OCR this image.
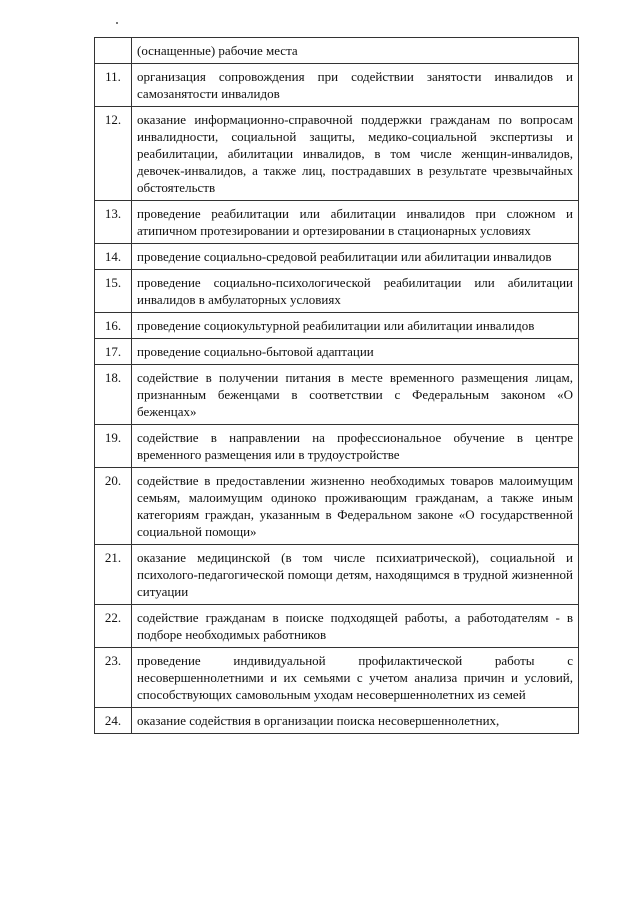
	(оснащенные) рабочие места
11.	организация сопровождения при содействии занятости инвалидов и самозанятости инвалидов
12.	оказание информационно-справочной поддержки гражданам по вопросам инвалидности, социальной защиты, медико-социальной экспертизы и реабилитации, абилитации инвалидов, в том числе женщин-инвалидов, девочек-инвалидов, а также лиц, пострадавших в результате чрезвычайных обстоятельств
13.	проведение реабилитации или абилитации инвалидов при сложном и атипичном протезировании и ортезировании в стационарных условиях
14.	проведение социально-средовой реабилитации или абилитации инвалидов
15.	проведение социально-психологической реабилитации или абилитации инвалидов в амбулаторных условиях
16.	проведение социокультурной реабилитации или абилитации инвалидов
17.	проведение социально-бытовой адаптации
18.	содействие в получении питания в месте временного размещения лицам, признанным беженцами в соответствии с Федеральным законом «О беженцах»
19.	содействие в направлении на профессиональное обучение в центре временного размещения или в трудоустройстве
20.	содействие в предоставлении жизненно необходимых товаров малоимущим семьям, малоимущим одиноко проживающим гражданам, а также иным категориям граждан, указанным в Федеральном законе «О государственной социальной помощи»
21.	оказание медицинской (в том числе психиатрической), социальной и психолого-педагогической помощи детям, находящимся в трудной жизненной ситуации
22.	содействие гражданам в поиске подходящей работы, а работодателям - в подборе необходимых работников
23.	проведение индивидуальной профилактической работы с несовершеннолетними и их семьями с учетом анализа причин и условий, способствующих самовольным уходам несовершеннолетних из семей
24.	оказание содействия в организации поиска несовершеннолетних,
